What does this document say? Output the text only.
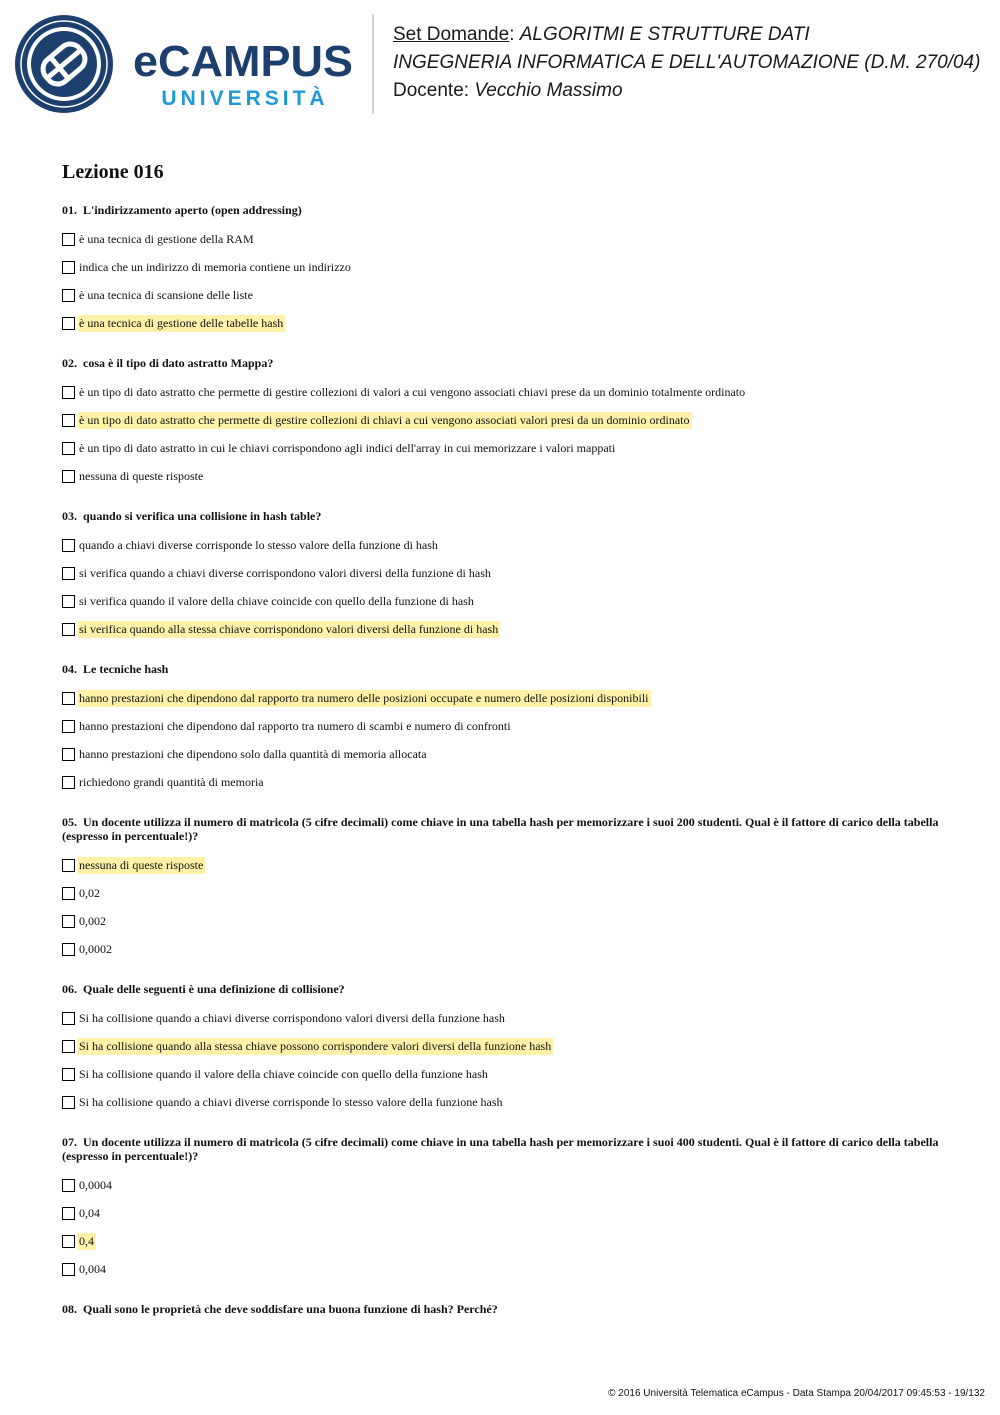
eCAMPUS
UNIVERSITÀ
Set Domande: ALGORITMI E STRUTTURE DATI
INGEGNERIA INFORMATICA E DELL'AUTOMAZIONE (D.M. 270/04)
Docente: Vecchio Massimo
Lezione 016
01. L'indirizzamento aperto (open addressing)
è una tecnica di gestione della RAM
indica che un indirizzo di memoria contiene un indirizzo
è una tecnica di scansione delle liste
è una tecnica di gestione delle tabelle hash
02. cosa è il tipo di dato astratto Mappa?
è un tipo di dato astratto che permette di gestire collezioni di valori a cui vengono associati chiavi prese da un dominio totalmente ordinato
è un tipo di dato astratto che permette di gestire collezioni di chiavi a cui vengono associati valori presi da un dominio ordinato
è un tipo di dato astratto in cui le chiavi corrispondono agli indici dell'array in cui memorizzare i valori mappati
nessuna di queste risposte
03. quando si verifica una collisione in hash table?
quando a chiavi diverse corrisponde lo stesso valore della funzione di hash
si verifica quando a chiavi diverse corrispondono valori diversi della funzione di hash
si verifica quando il valore della chiave coincide con quello della funzione di hash
si verifica quando alla stessa chiave corrispondono valori diversi della funzione di hash
04. Le tecniche hash
hanno prestazioni che dipendono dal rapporto tra numero delle posizioni occupate e numero delle posizioni disponibili
hanno prestazioni che dipendono dal rapporto tra numero di scambi e numero di confronti
hanno prestazioni che dipendono solo dalla quantità di memoria allocata
richiedono grandi quantità di memoria
05. Un docente utilizza il numero di matricola (5 cifre decimali) come chiave in una tabella hash per memorizzare i suoi 200 studenti. Qual è il fattore di carico della tabella (espresso in percentuale!)?
nessuna di queste risposte
0,02
0,002
0,0002
06. Quale delle seguenti è una definizione di collisione?
Si ha collisione quando a chiavi diverse corrispondono valori diversi della funzione hash
Si ha collisione quando alla stessa chiave possono corrispondere valori diversi della funzione hash
Si ha collisione quando il valore della chiave coincide con quello della funzione hash
Si ha collisione quando a chiavi diverse corrisponde lo stesso valore della funzione hash
07. Un docente utilizza il numero di matricola (5 cifre decimali) come chiave in una tabella hash per memorizzare i suoi 400 studenti. Qual è il fattore di carico della tabella (espresso in percentuale!)?
0,0004
0,04
0,4
0,004
08. Quali sono le proprietà che deve soddisfare una buona funzione di hash? Perché?
© 2016 Università Telematica eCampus - Data Stampa 20/04/2017 09:45:53 - 19/132
